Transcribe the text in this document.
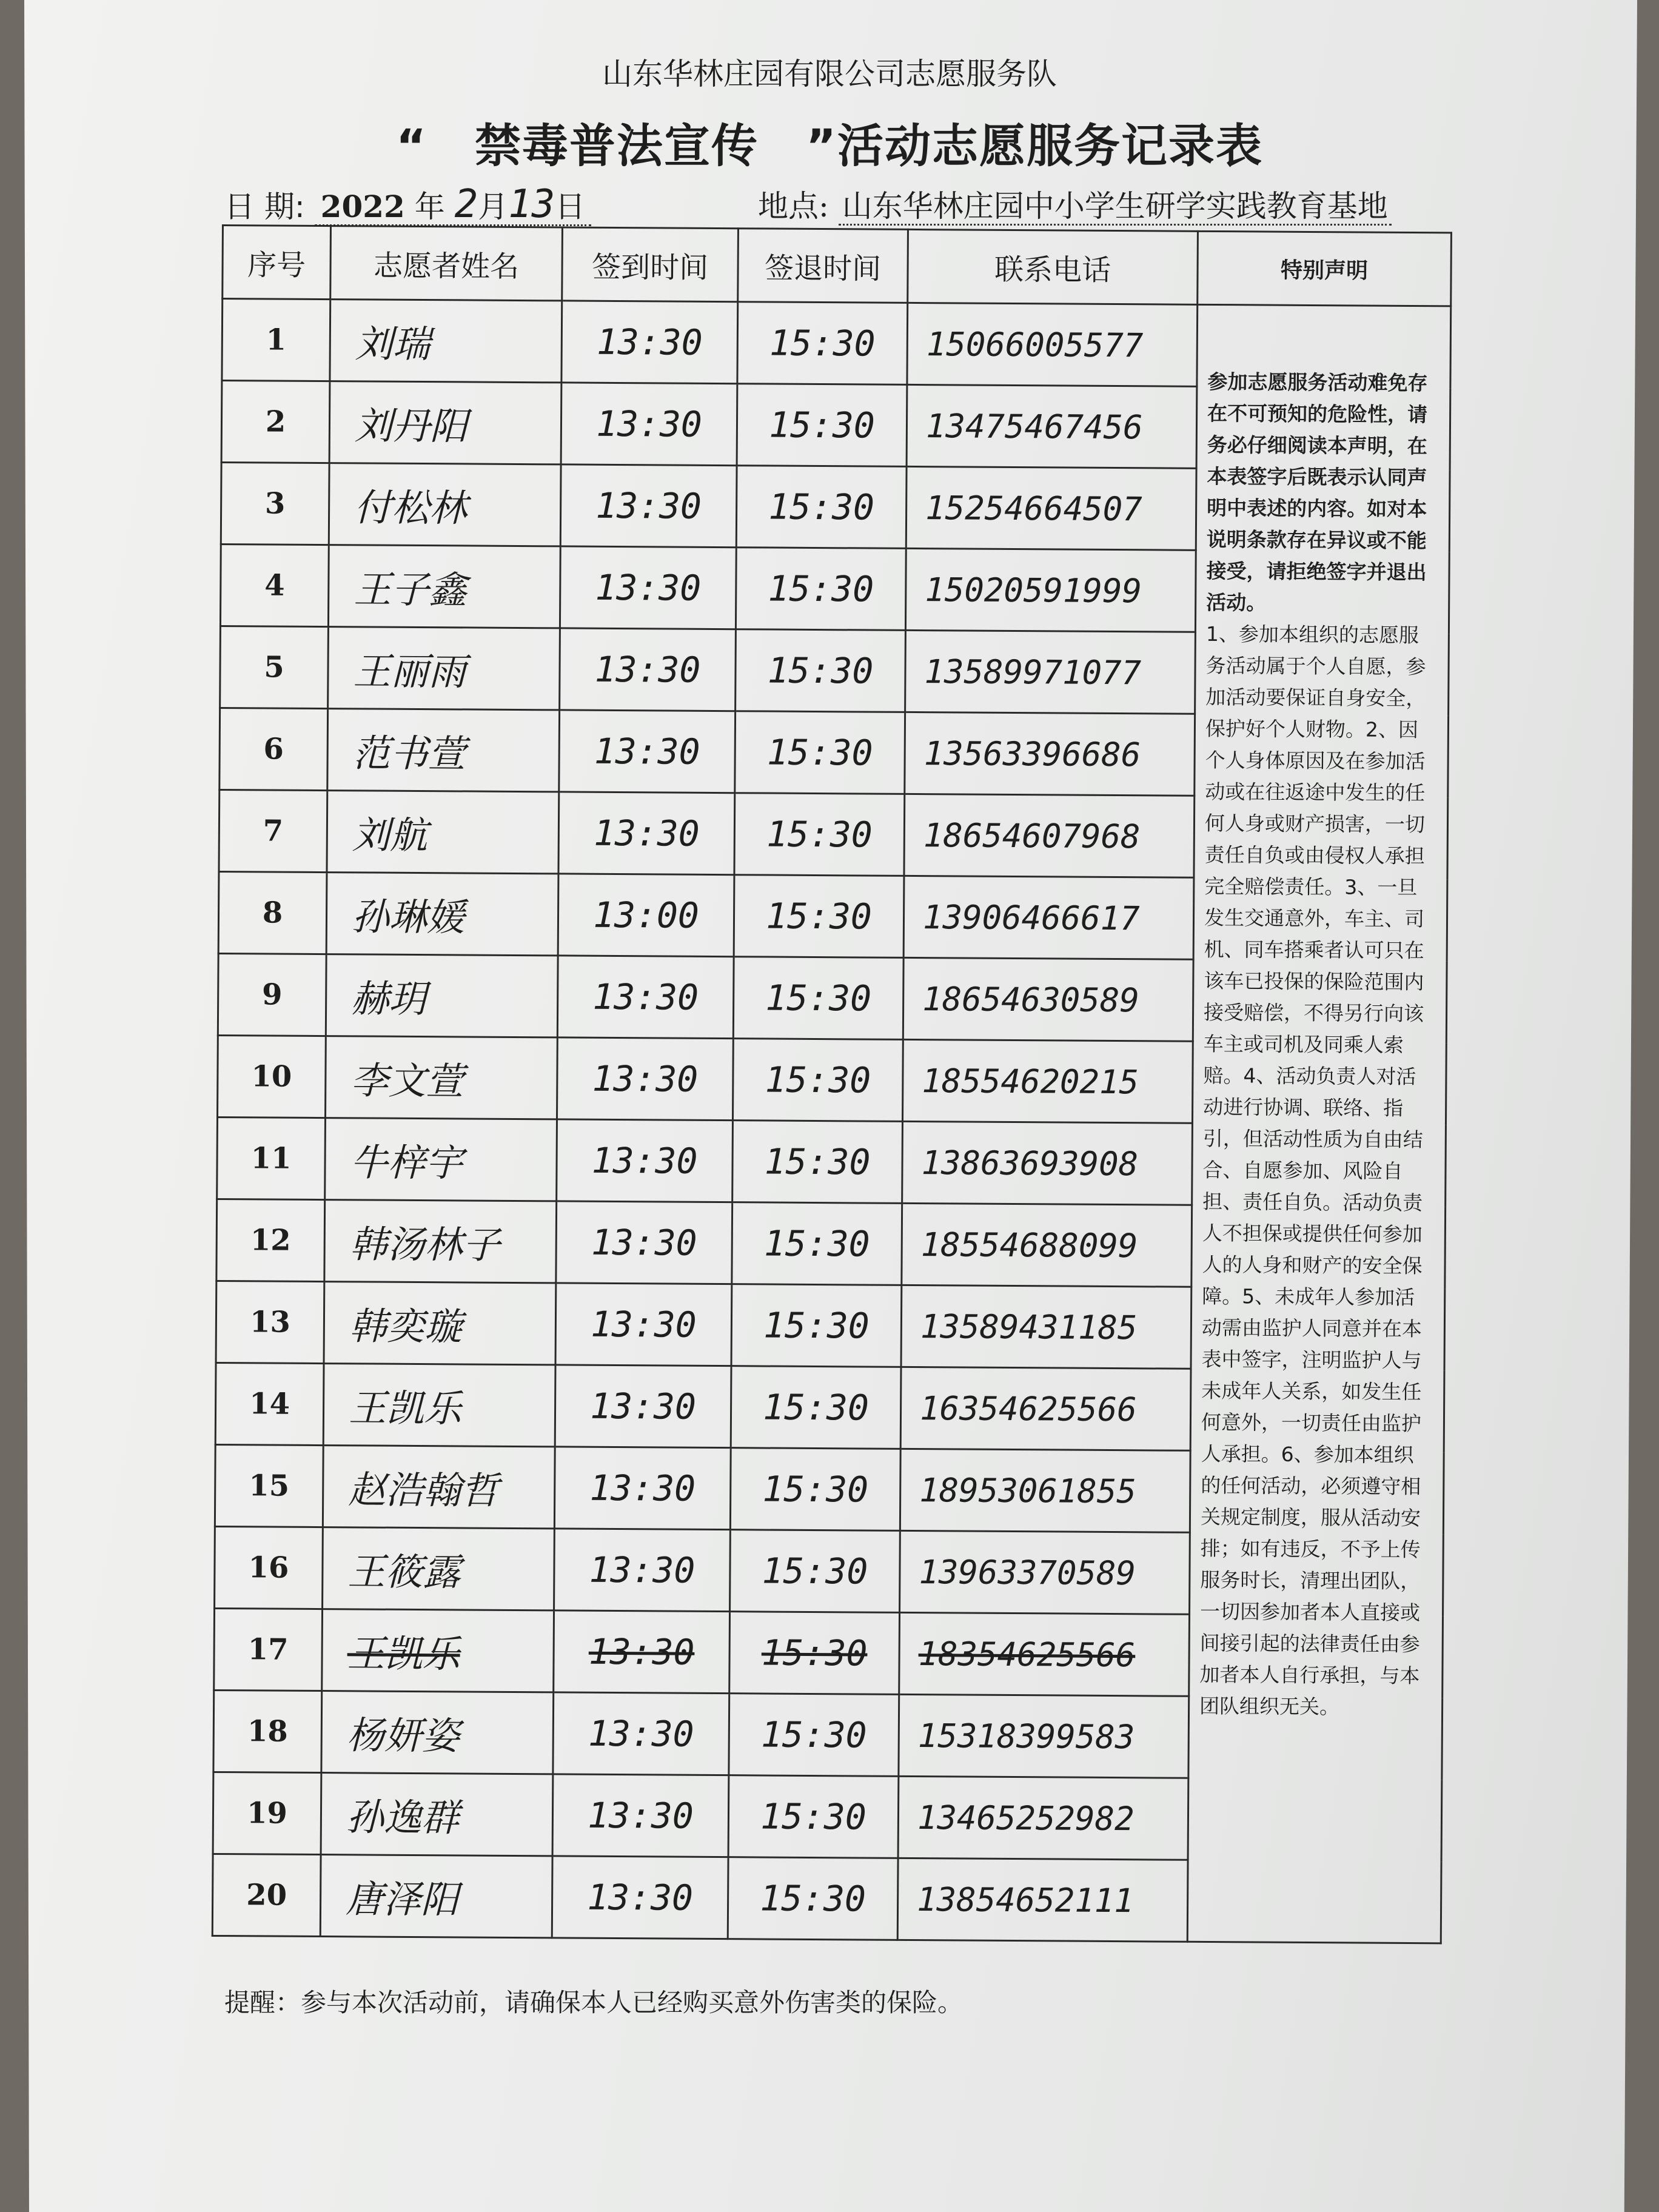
山东华林庄园有限公司志愿服务队
“　禁毒普法宣传　”活动志愿服务记录表
日 期: 2022 年 2月13日	地点: 山东华林庄园中小学生研学实践教育基地
序号	志愿者姓名	签到时间	签退时间	联系电话	特别声明
1	刘瑞	13:30	15:30	15066005577	参加志愿服务活动难免存在不可预知的危险性，请务必仔细阅读本声明，在本表签字后既表示认同声明中表述的内容。如对本说明条款存在异议或不能接受，请拒绝签字并退出活动。
1、参加本组织的志愿服务活动属于个人自愿，参加活动要保证自身安全，保护好个人财物。2、因个人身体原因及在参加活动或在往返途中发生的任何人身或财产损害，一切责任自负或由侵权人承担完全赔偿责任。3、一旦发生交通意外，车主、司机、同车搭乘者认可只在该车已投保的保险范围内接受赔偿，不得另行向该车主或司机及同乘人索赔。4、活动负责人对活动进行协调、联络、指引，但活动性质为自由结合、自愿参加、风险自担、责任自负。活动负责人不担保或提供任何参加人的人身和财产的安全保障。5、未成年人参加活动需由监护人同意并在本表中签字，注明监护人与未成年人关系，如发生任何意外，一切责任由监护人承担。6、参加本组织的任何活动，必须遵守相关规定制度，服从活动安排；如有违反，不予上传服务时长，清理出团队，一切因参加者本人直接或间接引起的法律责任由参加者本人自行承担，与本团队组织无关。

2	刘丹阳	13:30	15:30	13475467456	
3	付松林	13:30	15:30	15254664507	
4	王子鑫	13:30	15:30	15020591999	
5	王丽雨	13:30	15:30	13589971077	
6	范书萱	13:30	15:30	13563396686	
7	刘航	13:30	15:30	18654607968	
8	孙琳媛	13:00	15:30	13906466617	
9	赫玥	13:30	15:30	18654630589	
10	李文萱	13:30	15:30	18554620215	
11	牛梓宇	13:30	15:30	13863693908	
12	韩汤林子	13:30	15:30	18554688099	
13	韩奕璇	13:30	15:30	13589431185	
14	王凯乐	13:30	15:30	16354625566	
15	赵浩翰哲	13:30	15:30	18953061855	
16	王筱露	13:30	15:30	13963370589	
17	王凯乐	13:30	15:30	18354625566	
18	杨妍姿	13:30	15:30	15318399583	
19	孙逸群	13:30	15:30	13465252982	
20	唐泽阳	13:30	15:30	13854652111	
提醒：参与本次活动前，请确保本人已经购买意外伤害类的保险。
